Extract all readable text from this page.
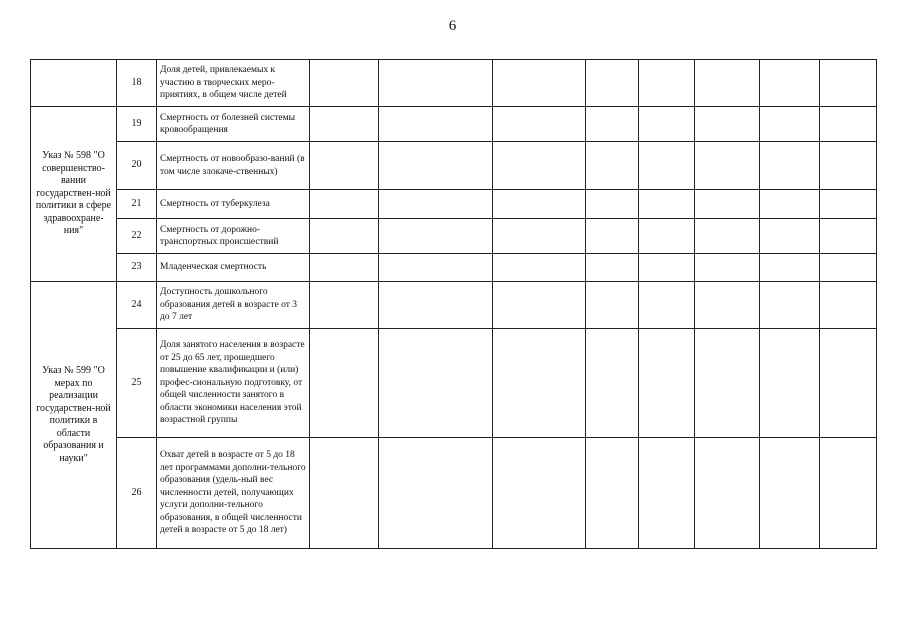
6
	18	Доля детей, привлекаемых к участию в творческих меро-приятиях, в общем числе детей								
Указ № 598 "О совершенство-вании государствен-ной политики в сфере здравоохране-ния"	19	Смертность от болезней системы кровообращения								
	20	Смертность от новообразо-ваний (в том числе злокаче-ственных)								
	21	Смертность от туберкулеза								
	22	Смертность от дорожно-транспортных происшествий								
	23	Младенческая смертность								
Указ № 599 "О мерах по реализации государствен-ной политики в области образования и науки"	24	Доступность дошкольного образования детей в возрасте от 3 до 7 лет								
	25	Доля занятого населения в возрасте от 25 до 65 лет, прошедшего повышение квалификации и (или) профес-сиональную подготовку, от общей численности занятого в области экономики населения этой возрастной группы								
	26	Охват детей в возрасте от 5 до 18 лет программами дополни-тельного образования (удель-ный вес численности детей, получающих услуги дополни-тельного образования, в общей численности детей в возрасте от 5 до 18 лет)								
